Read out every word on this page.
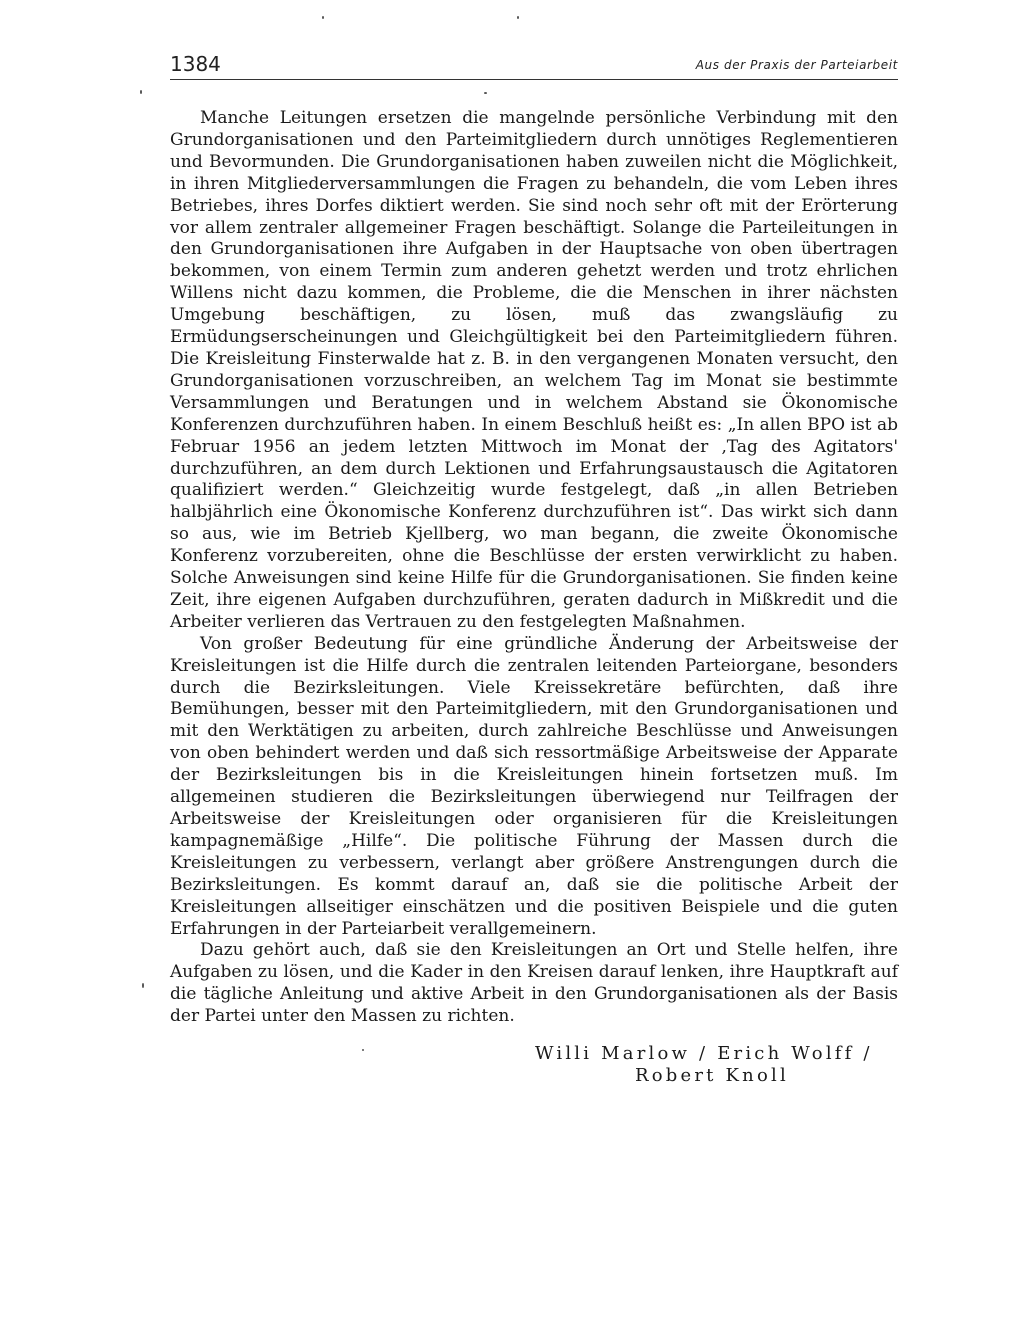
1384	Aus der Praxis der Parteiarbeit

Manche Leitungen ersetzen die mangelnde persönliche Verbindung mit den Grundorganisationen und den Parteimitgliedern durch unnötiges Reglementieren und Bevormunden. Die Grundorganisationen haben zuweilen nicht die Möglichkeit, in ihren Mitgliederversammlungen die Fragen zu behandeln, die vom Leben ihres Betriebes, ihres Dorfes diktiert werden. Sie sind noch sehr oft mit der Erörterung vor allem zentraler allgemeiner Fragen beschäftigt. Solange die Parteileitungen in den Grundorganisationen ihre Aufgaben in der Hauptsache von oben übertragen bekommen, von einem Termin zum anderen gehetzt werden und trotz ehrlichen Willens nicht dazu kommen, die Probleme, die die Menschen in ihrer nächsten Umgebung beschäftigen, zu lösen, muß das zwangsläufig zu Ermüdungserscheinungen und Gleichgültigkeit bei den Parteimitgliedern führen. Die Kreisleitung Finsterwalde hat z. B. in den vergangenen Monaten versucht, den Grundorganisationen vorzuschreiben, an welchem Tag im Monat sie bestimmte Versammlungen und Beratungen und in welchem Abstand sie Ökonomische Konferenzen durchzuführen haben. In einem Beschluß heißt es: „In allen BPO ist ab Februar 1956 an jedem letzten Mittwoch im Monat der ‚Tag des Agitators' durchzuführen, an dem durch Lektionen und Erfahrungsaustausch die Agitatoren qualifiziert werden.“ Gleichzeitig wurde festgelegt, daß „in allen Betrieben halbjährlich eine Ökonomische Konferenz durchzuführen ist“. Das wirkt sich dann so aus, wie im Betrieb Kjellberg, wo man begann, die zweite Ökonomische Konferenz vorzubereiten, ohne die Beschlüsse der ersten verwirklicht zu haben. Solche Anweisungen sind keine Hilfe für die Grundorganisationen. Sie finden keine Zeit, ihre eigenen Aufgaben durchzuführen, geraten dadurch in Mißkredit und die Arbeiter verlieren das Vertrauen zu den festgelegten Maßnahmen.

Von großer Bedeutung für eine gründliche Änderung der Arbeitsweise der Kreisleitungen ist die Hilfe durch die zentralen leitenden Parteiorgane, besonders durch die Bezirksleitungen. Viele Kreissekretäre befürchten, daß ihre Bemühungen, besser mit den Parteimitgliedern, mit den Grundorganisationen und mit den Werktätigen zu arbeiten, durch zahlreiche Beschlüsse und Anweisungen von oben behindert werden und daß sich ressortmäßige Arbeitsweise der Apparate der Bezirksleitungen bis in die Kreisleitungen hinein fortsetzen muß. Im allgemeinen studieren die Bezirksleitungen überwiegend nur Teilfragen der Arbeitsweise der Kreisleitungen oder organisieren für die Kreisleitungen kampagnemäßige „Hilfe“. Die politische Führung der Massen durch die Kreisleitungen zu verbessern, verlangt aber größere Anstrengungen durch die Bezirksleitungen. Es kommt darauf an, daß sie die politische Arbeit der Kreisleitungen allseitiger einschätzen und die positiven Beispiele und die guten Erfahrungen in der Parteiarbeit verallgemeinern.

Dazu gehört auch, daß sie den Kreisleitungen an Ort und Stelle helfen, ihre Aufgaben zu lösen, und die Kader in den Kreisen darauf lenken, ihre Hauptkraft auf die tägliche Anleitung und aktive Arbeit in den Grundorganisationen als der Basis der Partei unter den Massen zu richten.

Willi Marlow / Erich Wolff /

Robert Knoll
